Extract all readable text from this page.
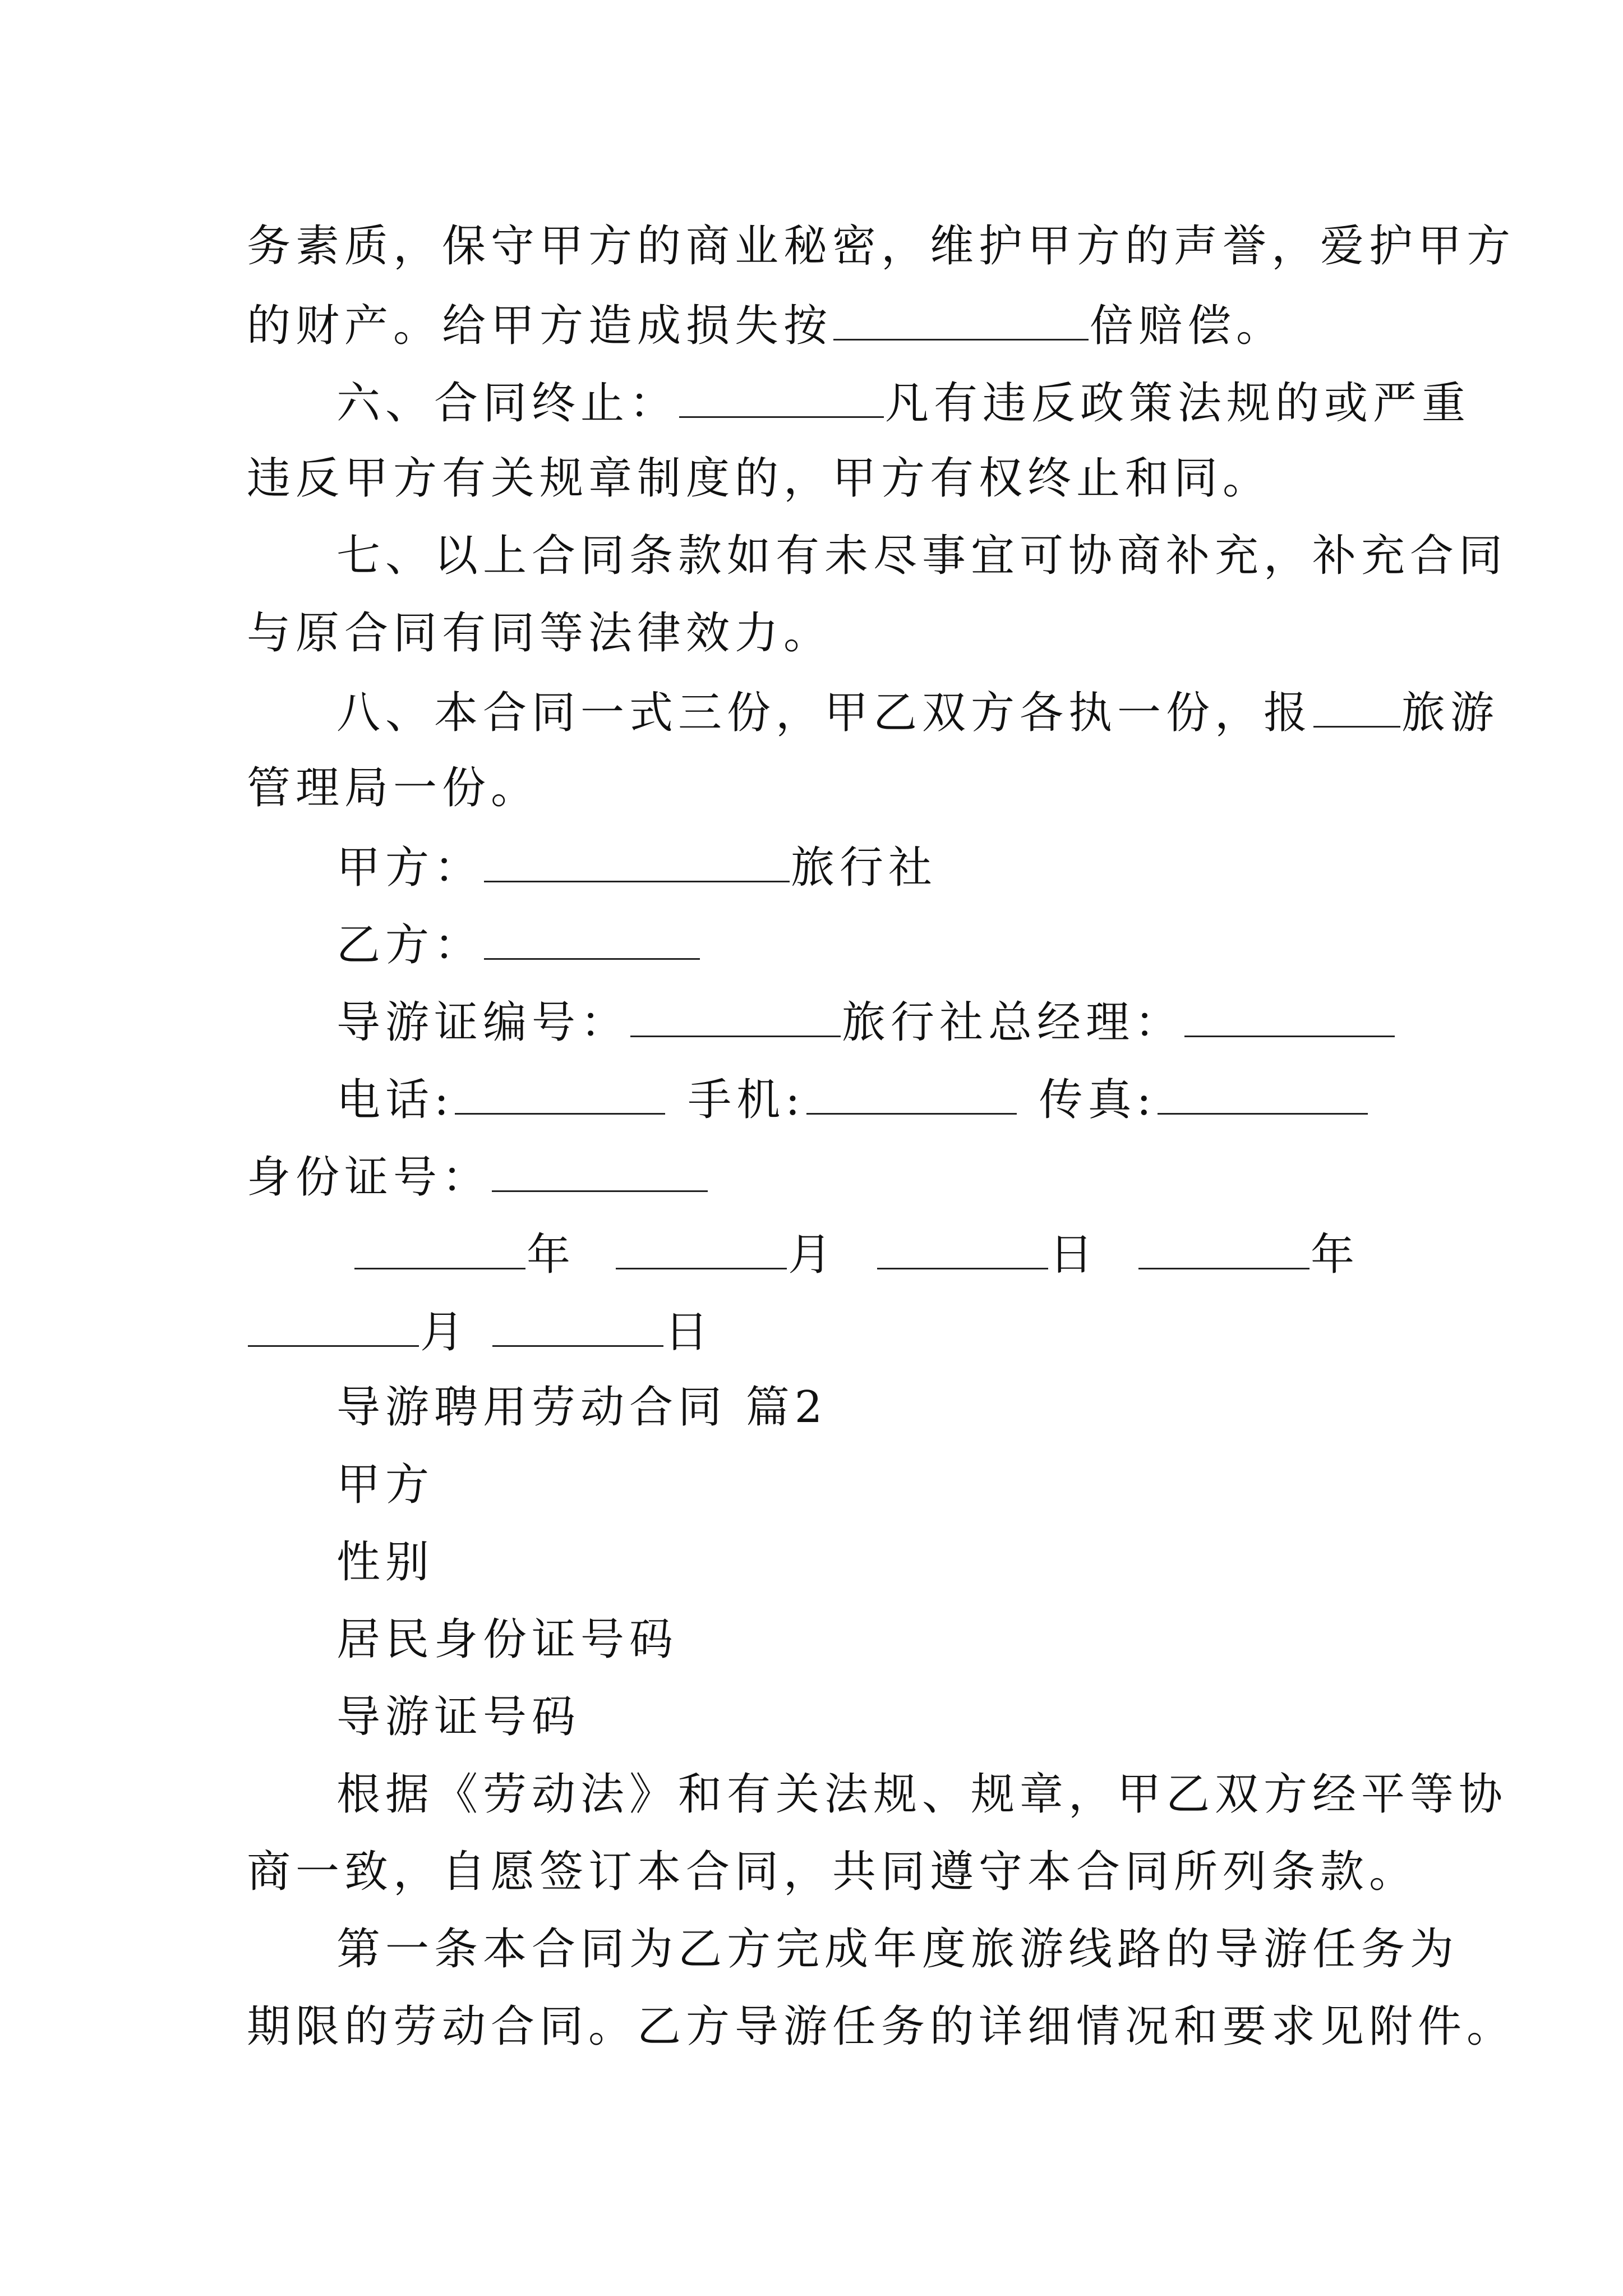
务素质，保守甲方的商业秘密，维护甲方的声誉，爱护甲方
的财产。给甲方造成损失按	倍赔偿。
六、合同终止：	凡有违反政策法规的或严重
违反甲方有关规章制度的，甲方有权终止和同。
七、以上合同条款如有未尽事宜可协商补充，补充合同
与原合同有同等法律效力。
八、本合同一式三份，甲乙双方各执一份，报 旅游
管理局一份。
甲方：	旅行社
乙方：
导游证编号：	旅行社总经理：
电话:	手机:	传真:
身份证号：
年	月	日	年
月	日
导游聘用劳动合同 篇2
甲方
性别
居民身份证号码
导游证号码
根据《劳动法》和有关法规、规章，甲乙双方经平等协
商一致，自愿签订本合同，共同遵守本合同所列条款。
第一条本合同为乙方完成年度旅游线路的导游任务为
期限的劳动合同。乙方导游任务的详细情况和要求见附件。
